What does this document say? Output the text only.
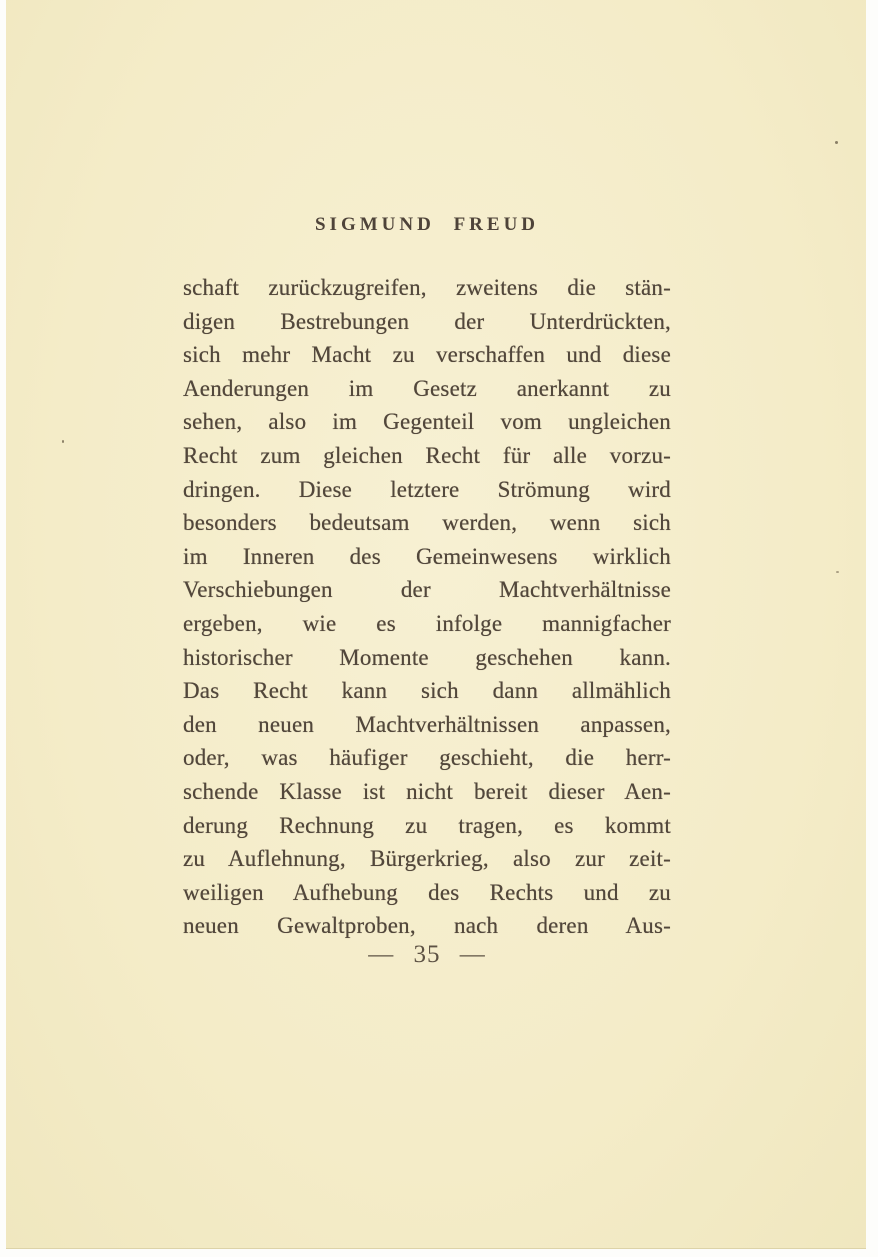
SIGMUND FREUD
schaft zurückzugreifen, zweitens die stän-
digen Bestrebungen der Unterdrückten,
sich mehr Macht zu verschaffen und diese
Aenderungen im Gesetz anerkannt zu
sehen, also im Gegenteil vom ungleichen
Recht zum gleichen Recht für alle vorzu-
dringen. Diese letztere Strömung wird
besonders bedeutsam werden, wenn sich
im Inneren des Gemeinwesens wirklich
Verschiebungen der Machtverhältnisse
ergeben, wie es infolge mannigfacher
historischer Momente geschehen kann.
Das Recht kann sich dann allmählich
den neuen Machtverhältnissen anpassen,
oder, was häufiger geschieht, die herr-
schende Klasse ist nicht bereit dieser Aen-
derung Rechnung zu tragen, es kommt
zu Auflehnung, Bürgerkrieg, also zur zeit-
weiligen Aufhebung des Rechts und zu
neuen Gewaltproben, nach deren Aus-
— 35 —
